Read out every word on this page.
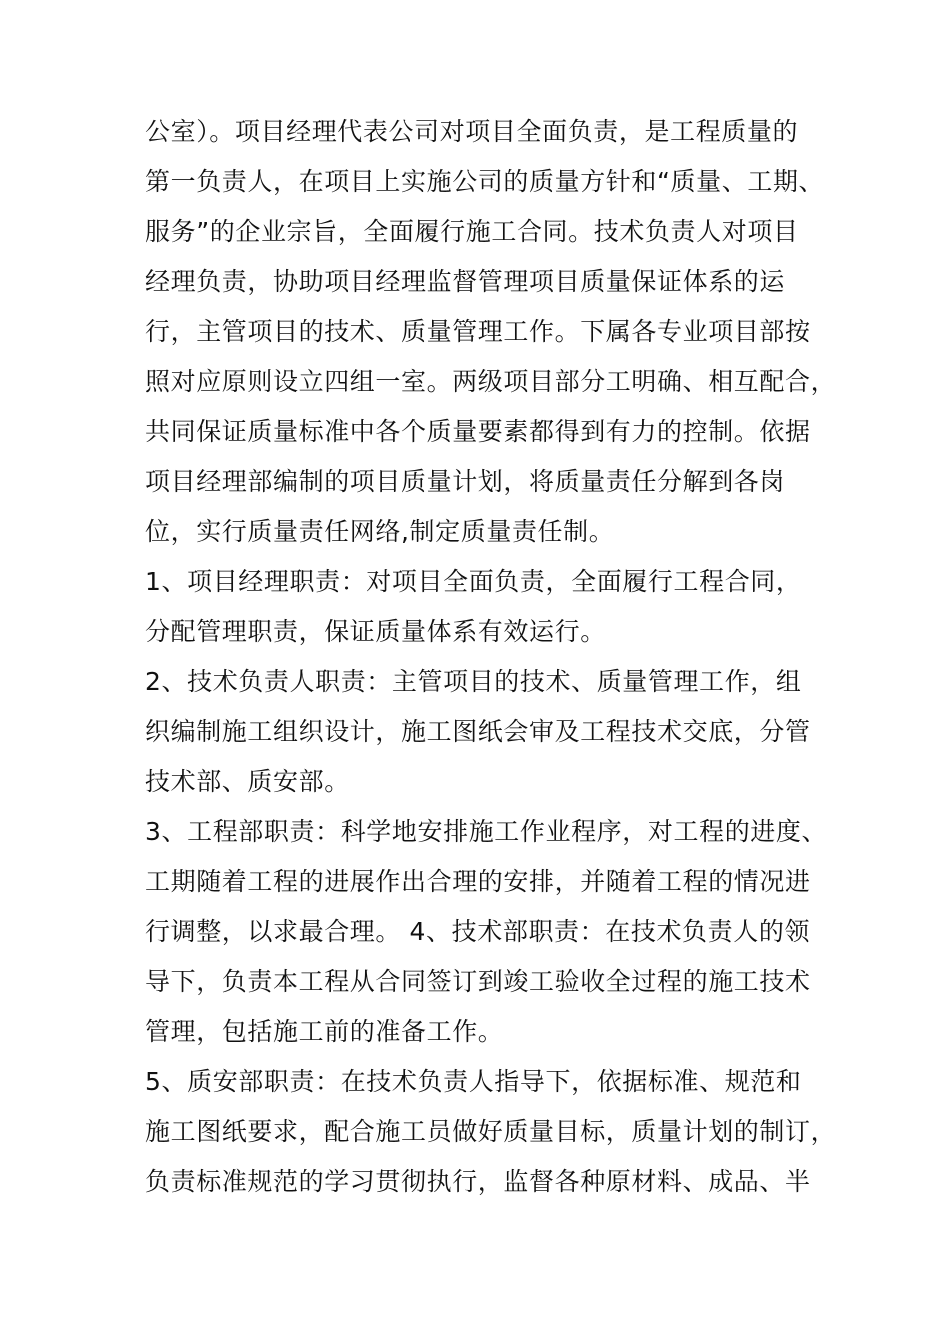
公室）。项目经理代表公司对项目全面负责，是工程质量的
第一负责人，在项目上实施公司的质量方针和“质量、工期、
服务”的企业宗旨，全面履行施工合同。技术负责人对项目
经理负责，协助项目经理监督管理项目质量保证体系的运
行，主管项目的技术、质量管理工作。下属各专业项目部按
照对应原则设立四组一室。两级项目部分工明确、相互配合，
共同保证质量标准中各个质量要素都得到有力的控制。依据
项目经理部编制的项目质量计划，将质量责任分解到各岗
位，实行质量责任网络,制定质量责任制。
1、项目经理职责：对项目全面负责，全面履行工程合同，
分配管理职责，保证质量体系有效运行。
2、技术负责人职责：主管项目的技术、质量管理工作，组
织编制施工组织设计，施工图纸会审及工程技术交底，分管
技术部、质安部。
3、工程部职责：科学地安排施工作业程序，对工程的进度、
工期随着工程的进展作出合理的安排，并随着工程的情况进
行调整，以求最合理。 4、技术部职责：在技术负责人的领
导下，负责本工程从合同签订到竣工验收全过程的施工技术
管理，包括施工前的准备工作。
5、质安部职责：在技术负责人指导下，依据标准、规范和
施工图纸要求，配合施工员做好质量目标，质量计划的制订，
负责标准规范的学习贯彻执行，监督各种原材料、成品、半
